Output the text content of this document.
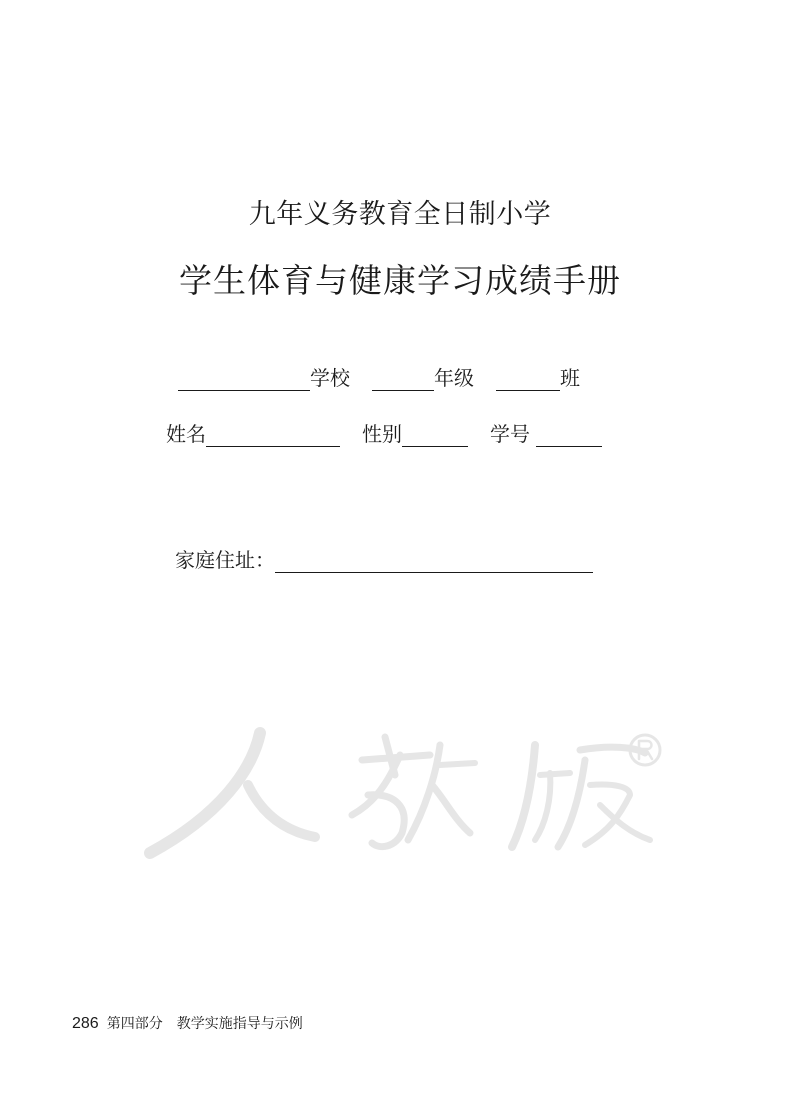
九年义务教育全日制小学
学生体育与健康学习成绩手册
学校	年级	班
姓名	性别	学号
家庭住址：
286 第四部分 教学实施指导与示例
